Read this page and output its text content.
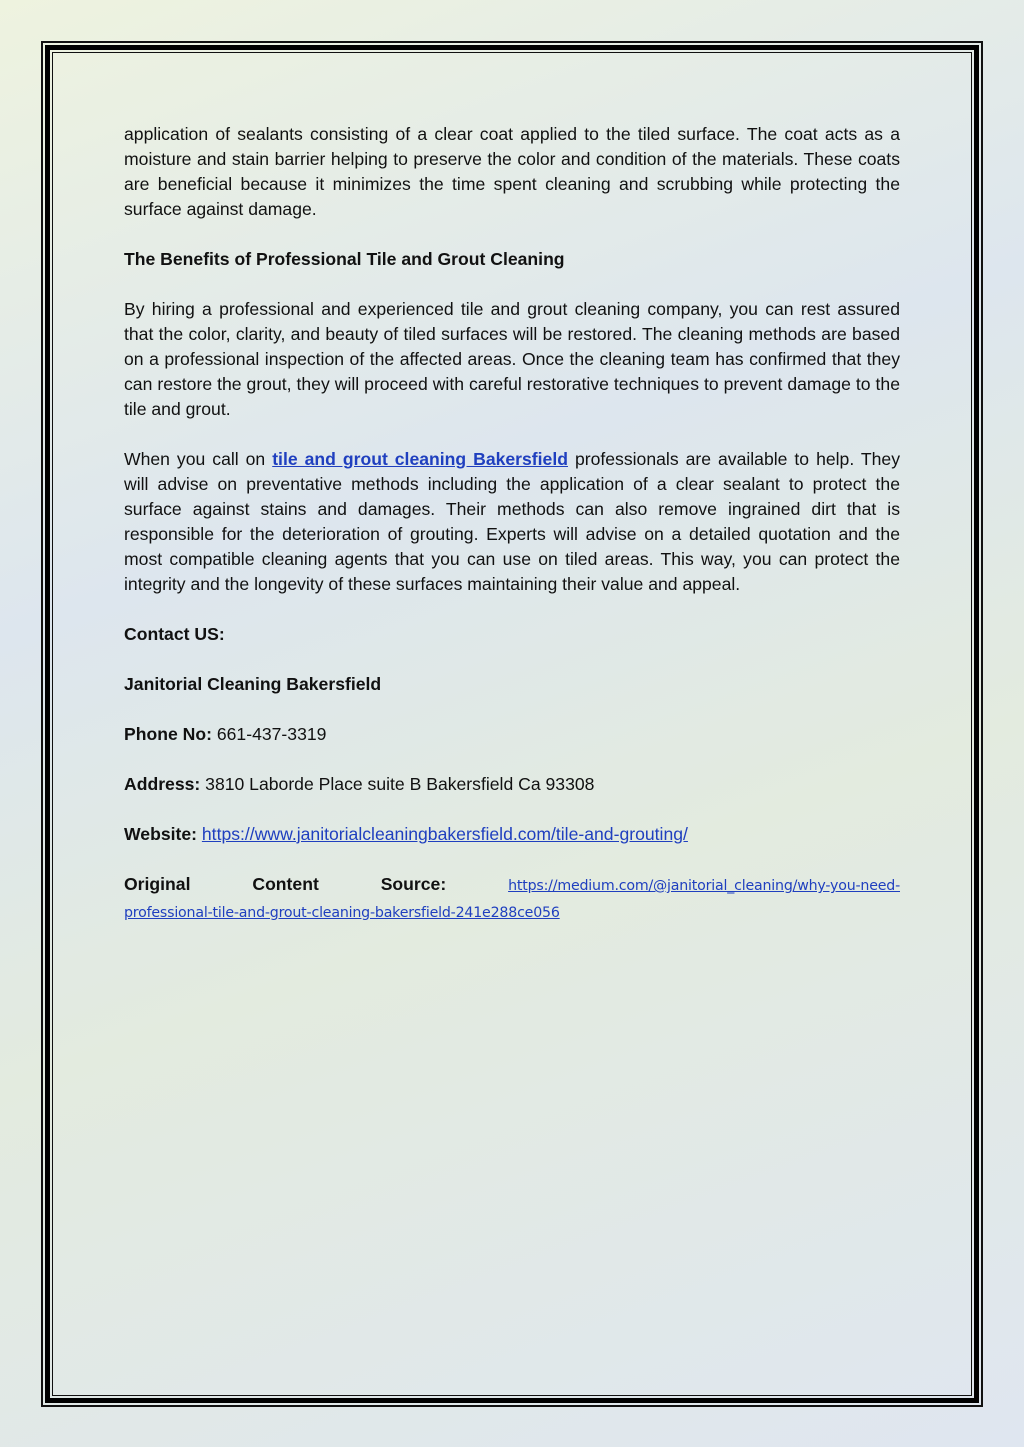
application of sealants consisting of a clear coat applied to the tiled surface. The coat acts as a moisture and stain barrier helping to preserve the color and condition of the materials. These coats are beneficial because it minimizes the time spent cleaning and scrubbing while protecting the surface against damage.

The Benefits of Professional Tile and Grout Cleaning

By hiring a professional and experienced tile and grout cleaning company, you can rest assured that the color, clarity, and beauty of tiled surfaces will be restored. The cleaning methods are based on a professional inspection of the affected areas. Once the cleaning team has confirmed that they can restore the grout, they will proceed with careful restorative techniques to prevent damage to the tile and grout.

When you call on tile and grout cleaning Bakersfield professionals are available to help. They will advise on preventative methods including the application of a clear sealant to protect the surface against stains and damages. Their methods can also remove ingrained dirt that is responsible for the deterioration of grouting. Experts will advise on a detailed quotation and the most compatible cleaning agents that you can use on tiled areas. This way, you can protect the integrity and the longevity of these surfaces maintaining their value and appeal.

Contact US:

Janitorial Cleaning Bakersfield

Phone No: 661-437-3319

Address: 3810 Laborde Place suite B Bakersfield Ca 93308

Website: https://www.janitorialcleaningbakersfield.com/tile-and-grouting/

Original	Content	Source:	https://medium.com/@janitorial_cleaning/why-you-need-
professional-tile-and-grout-cleaning-bakersfield-241e288ce056
